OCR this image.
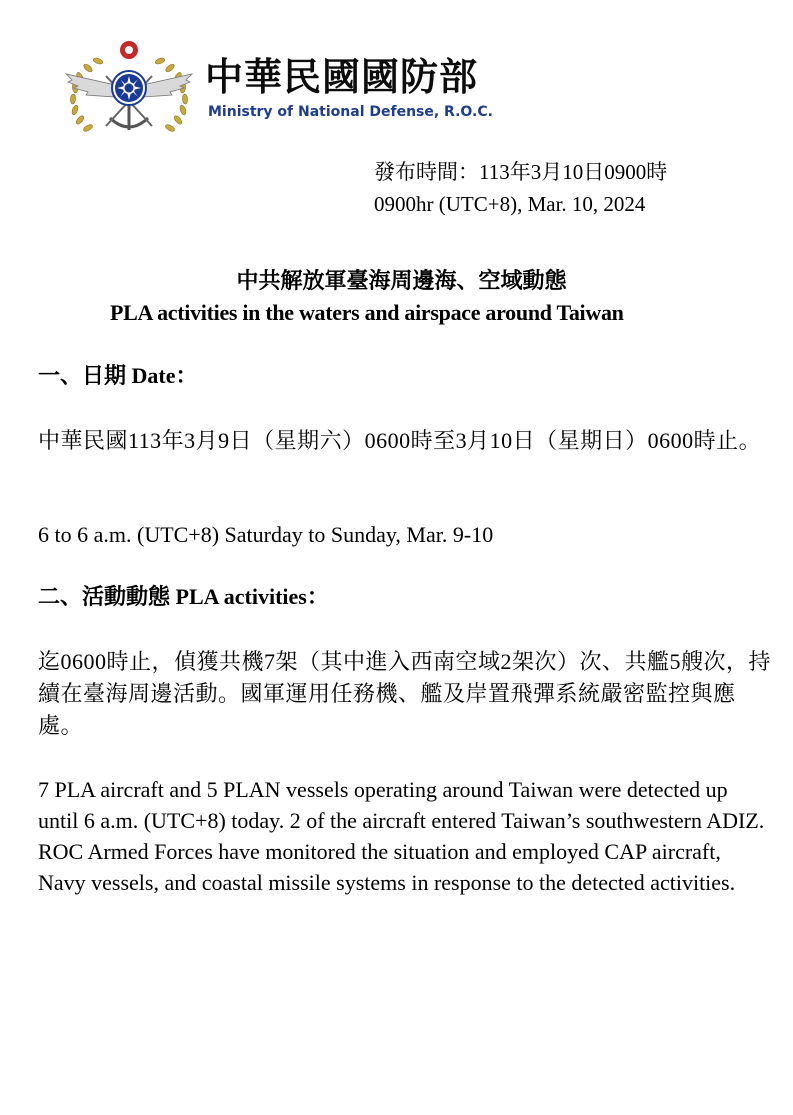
中華民國國防部
Ministry of National Defense, R.O.C.
發布時間：113年3月10日0900時
0900hr (UTC+8), Mar. 10, 2024
中共解放軍臺海周邊海、空域動態
PLA activities in the waters and airspace around Taiwan
一、日期 Date：
中華民國113年3月9日（星期六）0600時至3月10日（星期日）0600時止。
6 to 6 a.m. (UTC+8) Saturday to Sunday, Mar. 9-10
二、活動動態 PLA activities：
迄0600時止，偵獲共機7架（其中進入西南空域2架次）次、共艦5艘次，持續在臺海周邊活動。國軍運用任務機、艦及岸置飛彈系統嚴密監控與應處。
7 PLA aircraft and 5 PLAN vessels operating around Taiwan were detected up until 6 a.m. (UTC+8) today. 2 of the aircraft entered Taiwan’s southwestern ADIZ. ROC Armed Forces have monitored the situation and employed CAP aircraft, Navy vessels, and coastal missile systems in response to the detected activities.
